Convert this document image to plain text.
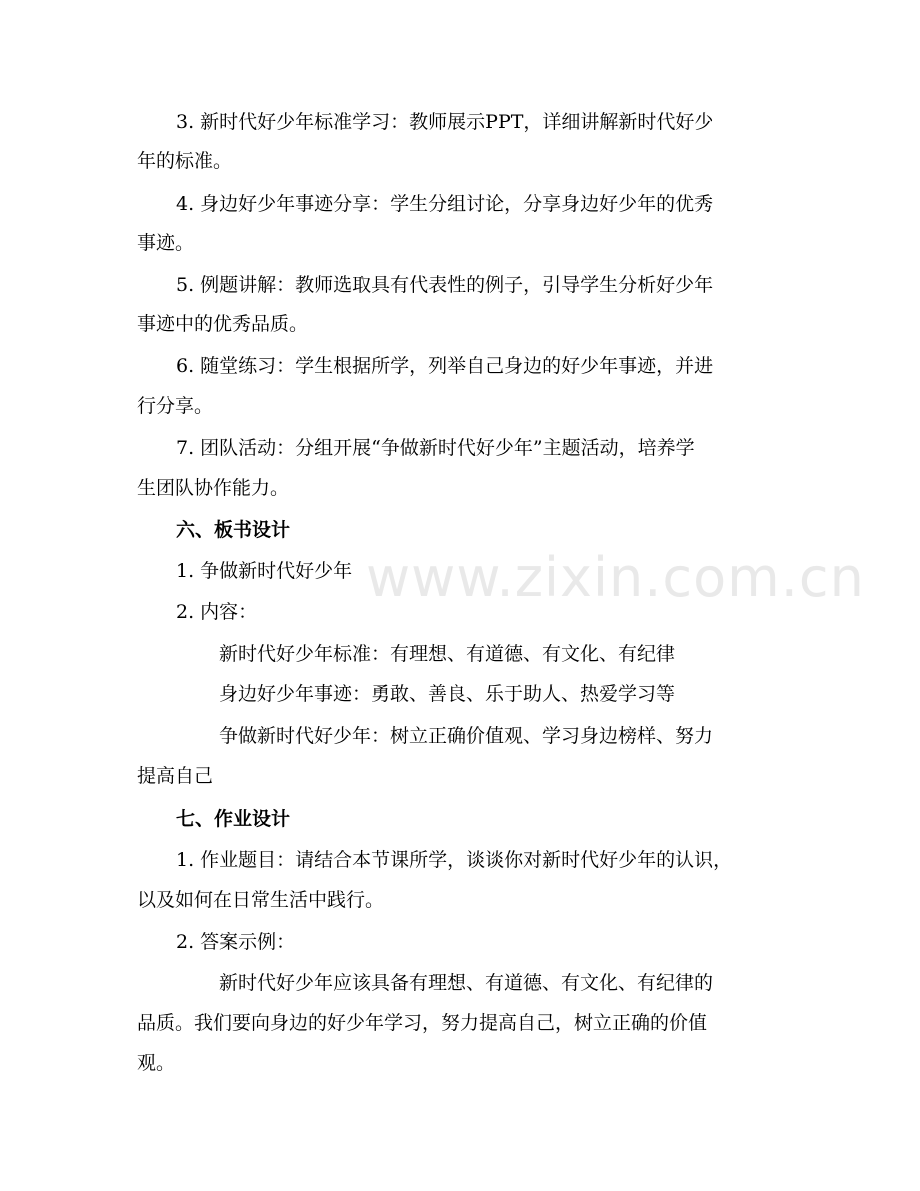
www.zixin.com.cn
3. 新时代好少年标准学习：教师展示PPT，详细讲解新时代好少
年的标准。
4. 身边好少年事迹分享：学生分组讨论，分享身边好少年的优秀
事迹。
5. 例题讲解：教师选取具有代表性的例子，引导学生分析好少年
事迹中的优秀品质。
6. 随堂练习：学生根据所学，列举自己身边的好少年事迹，并进
行分享。
7. 团队活动：分组开展“争做新时代好少年”主题活动，培养学
生团队协作能力。
六、板书设计
1. 争做新时代好少年
2. 内容：
新时代好少年标准：有理想、有道德、有文化、有纪律
身边好少年事迹：勇敢、善良、乐于助人、热爱学习等
争做新时代好少年：树立正确价值观、学习身边榜样、努力
提高自己
七、作业设计
1. 作业题目：请结合本节课所学，谈谈你对新时代好少年的认识，
以及如何在日常生活中践行。
2. 答案示例：
新时代好少年应该具备有理想、有道德、有文化、有纪律的
品质。我们要向身边的好少年学习，努力提高自己，树立正确的价值
观。
